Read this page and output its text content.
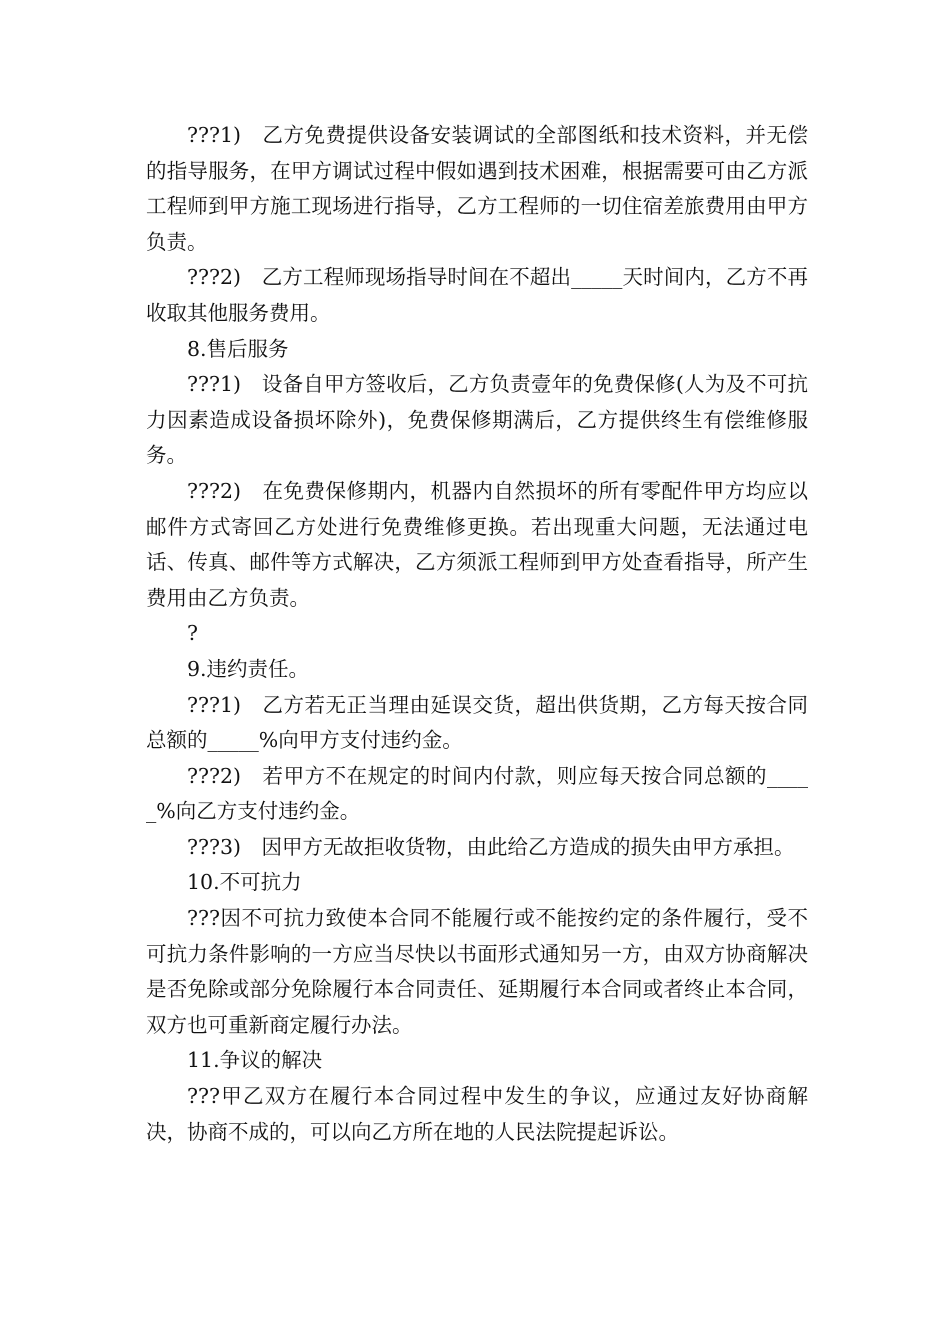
???1)　乙方免费提供设备安装调试的全部图纸和技术资料，并无偿的指导服务，在甲方调试过程中假如遇到技术困难，根据需要可由乙方派工程师到甲方施工现场进行指导，乙方工程师的一切住宿差旅费用由甲方负责。

???2)　乙方工程师现场指导时间在不超出_____天时间内，乙方不再收取其他服务费用。

8.售后服务

???1)　设备自甲方签收后，乙方负责壹年的免费保修(人为及不可抗力因素造成设备损坏除外)，免费保修期满后，乙方提供终生有偿维修服务。

???2)　在免费保修期内，机器内自然损坏的所有零配件甲方均应以邮件方式寄回乙方处进行免费维修更换。若出现重大问题，无法通过电话、传真、邮件等方式解决，乙方须派工程师到甲方处查看指导，所产生费用由乙方负责。

?

9.违约责任。

???1)　乙方若无正当理由延误交货，超出供货期，乙方每天按合同总额的_____%向甲方支付违约金。

???2)　若甲方不在规定的时间内付款，则应每天按合同总额的_____%向乙方支付违约金。

???3)　因甲方无故拒收货物，由此给乙方造成的损失由甲方承担。

10.不可抗力

???因不可抗力致使本合同不能履行或不能按约定的条件履行，受不可抗力条件影响的一方应当尽快以书面形式通知另一方，由双方协商解决是否免除或部分免除履行本合同责任、延期履行本合同或者终止本合同，双方也可重新商定履行办法。

11.争议的解决

???甲乙双方在履行本合同过程中发生的争议，应通过友好协商解决，协商不成的，可以向乙方所在地的人民法院提起诉讼。
